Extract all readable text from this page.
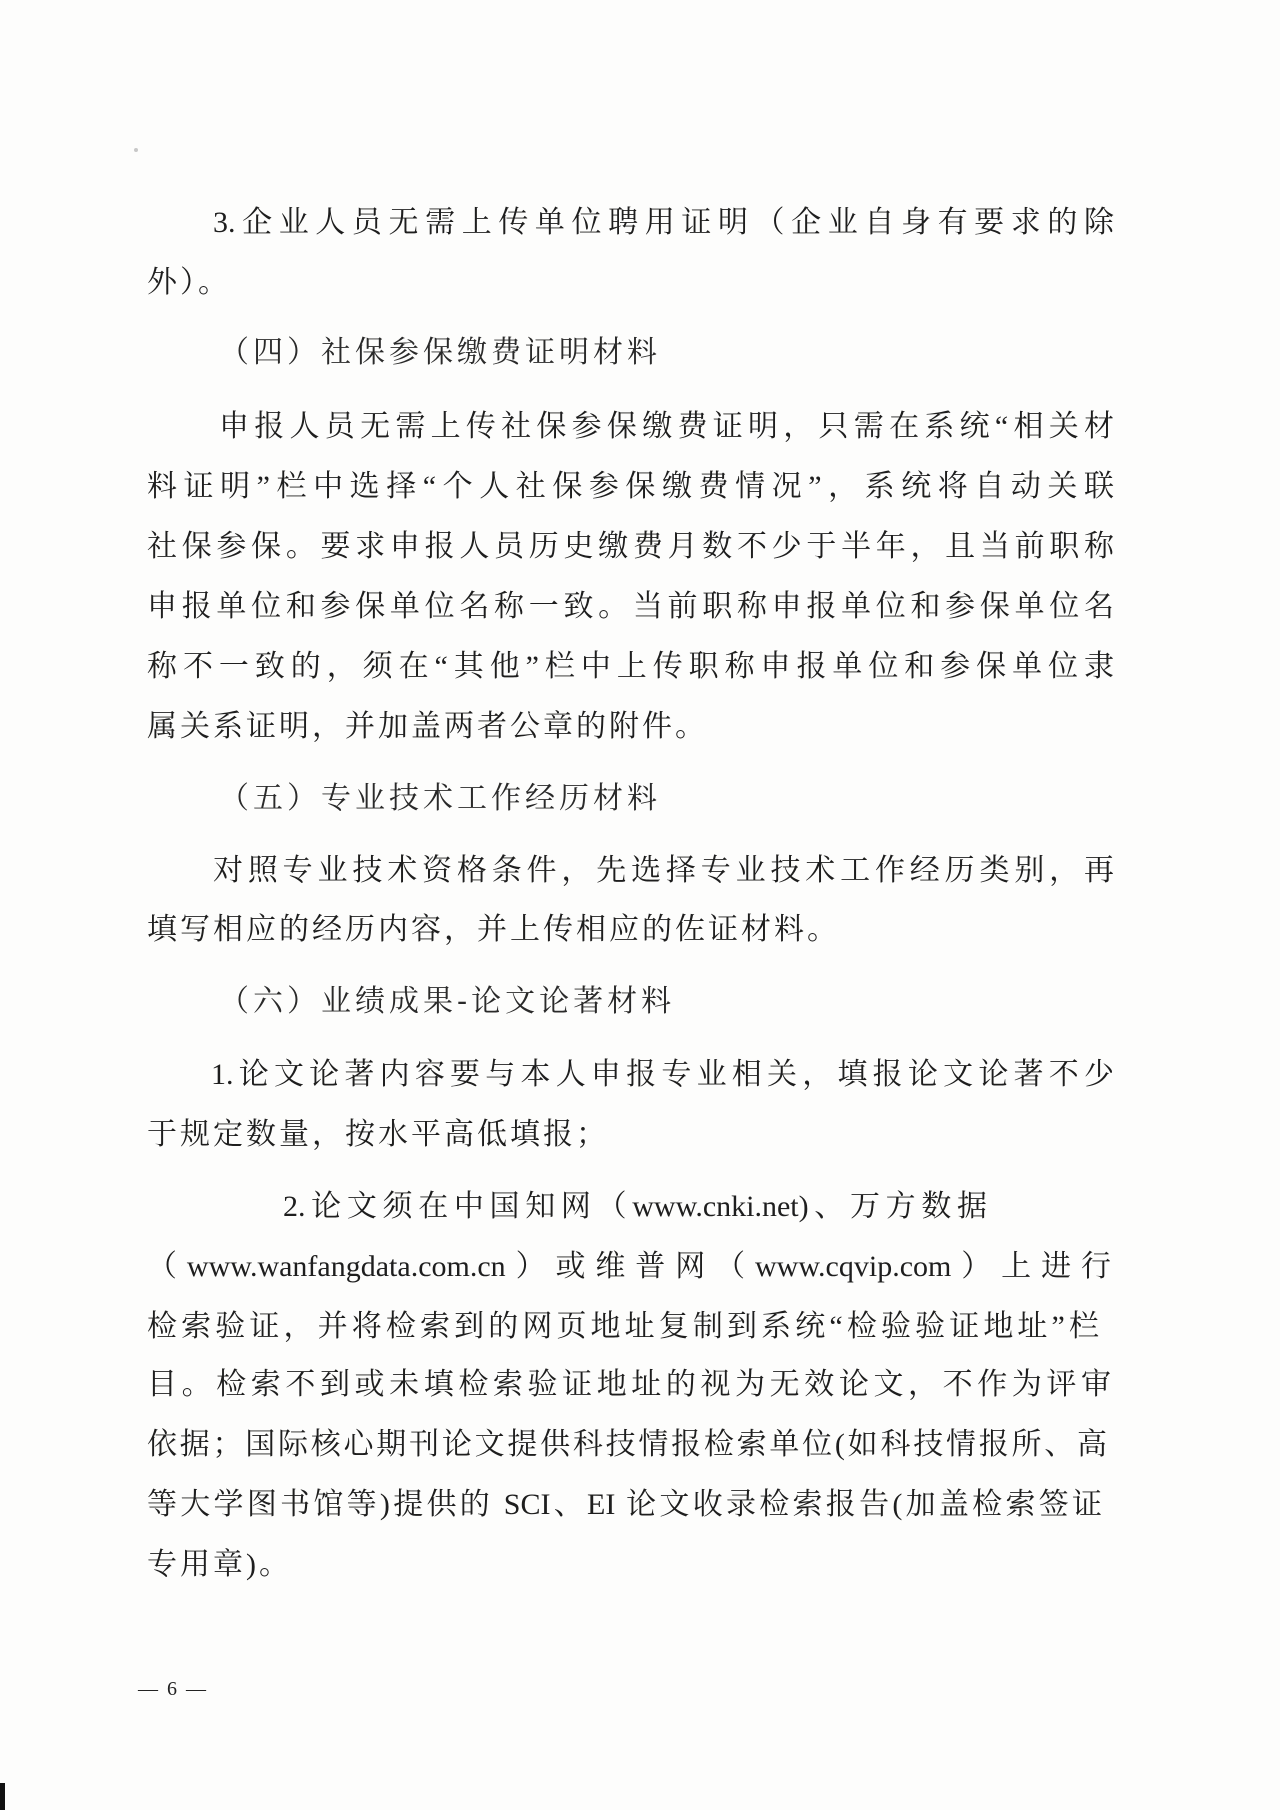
3.企业人员无需上传单位聘用证明（企业自身有要求的除
外）。
（四）社保参保缴费证明材料
申报人员无需上传社保参保缴费证明，只需在系统“相关材
料证明”栏中选择“个人社保参保缴费情况”，系统将自动关联
社保参保。要求申报人员历史缴费月数不少于半年，且当前职称
申报单位和参保单位名称一致。当前职称申报单位和参保单位名
称不一致的，须在“其他”栏中上传职称申报单位和参保单位隶
属关系证明，并加盖两者公章的附件。
（五）专业技术工作经历材料
对照专业技术资格条件，先选择专业技术工作经历类别，再
填写相应的经历内容，并上传相应的佐证材料。
（六）业绩成果-论文论著材料
1.论文论著内容要与本人申报专业相关，填报论文论著不少
于规定数量，按水平高低填报；
2.论文须在中国知网（www.cnki.net)、万方数据
（www.wanfangdata.com.cn）或维普网（www.cqvip.com）上进行
检索验证，并将检索到的网页地址复制到系统“检验验证地址”栏
目。检索不到或未填检索验证地址的视为无效论文，不作为评审
依据；国际核心期刊论文提供科技情报检索单位(如科技情报所、高
等大学图书馆等)提供的 SCI、EI 论文收录检索报告(加盖检索签证
专用章)。
— 6 —
